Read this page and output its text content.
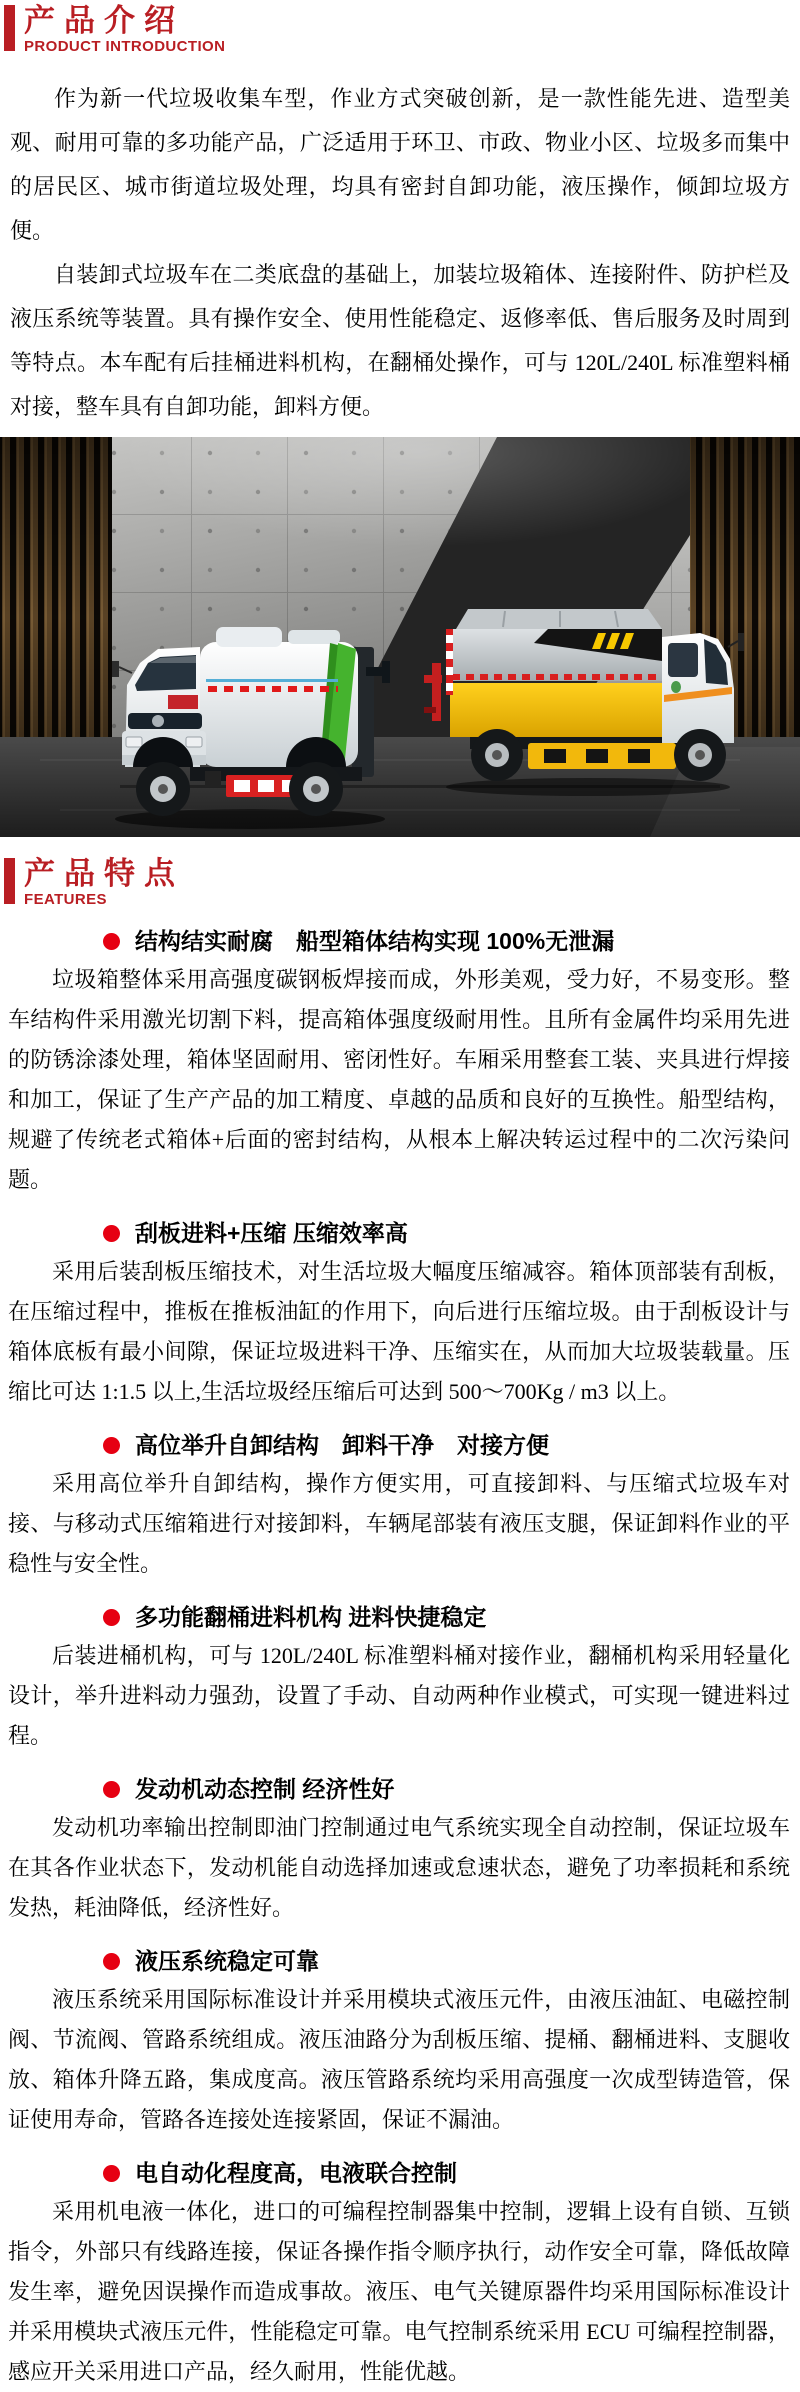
产品介绍
PRODUCT INTRODUCTION

作为新一代垃圾收集车型，作业方式突破创新，是一款性能先进、造型美观、耐用可靠的多功能产品，广泛适用于环卫、市政、物业小区、垃圾多而集中的居民区、城市街道垃圾处理，均具有密封自卸功能，液压操作，倾卸垃圾方便。

自装卸式垃圾车在二类底盘的基础上，加装垃圾箱体、连接附件、防护栏及液压系统等装置。具有操作安全、使用性能稳定、返修率低、售后服务及时周到等特点。本车配有后挂桶进料机构，在翻桶处操作，可与 120L/240L 标准塑料桶对接，整车具有自卸功能，卸料方便。

产品特点
FEATURES
结构结实耐腐　船型箱体结构实现 100%无泄漏

垃圾箱整体采用高强度碳钢板焊接而成，外形美观，受力好，不易变形。整车结构件采用激光切割下料，提高箱体强度级耐用性。且所有金属件均采用先进的防锈涂漆处理，箱体坚固耐用、密闭性好。车厢采用整套工装、夹具进行焊接和加工，保证了生产产品的加工精度、卓越的品质和良好的互换性。船型结构，规避了传统老式箱体+后面的密封结构，从根本上解决转运过程中的二次污染问题。

刮板进料+压缩 压缩效率高

采用后装刮板压缩技术，对生活垃圾大幅度压缩减容。箱体顶部装有刮板，在压缩过程中，推板在推板油缸的作用下，向后进行压缩垃圾。由于刮板设计与箱体底板有最小间隙，保证垃圾进料干净、压缩实在，从而加大垃圾装载量。压缩比可达 1:1.5 以上,生活垃圾经压缩后可达到 500～700Kg / m3 以上。

高位举升自卸结构　卸料干净　对接方便

采用高位举升自卸结构，操作方便实用，可直接卸料、与压缩式垃圾车对接、与移动式压缩箱进行对接卸料，车辆尾部装有液压支腿，保证卸料作业的平稳性与安全性。

多功能翻桶进料机构 进料快捷稳定

后装进桶机构，可与 120L/240L 标准塑料桶对接作业，翻桶机构采用轻量化设计，举升进料动力强劲，设置了手动、自动两种作业模式，可实现一键进料过程。

发动机动态控制 经济性好

发动机功率输出控制即油门控制通过电气系统实现全自动控制，保证垃圾车在其各作业状态下，发动机能自动选择加速或怠速状态，避免了功率损耗和系统发热，耗油降低，经济性好。

液压系统稳定可靠

液压系统采用国际标准设计并采用模块式液压元件，由液压油缸、电磁控制阀、节流阀、管路系统组成。液压油路分为刮板压缩、提桶、翻桶进料、支腿收放、箱体升降五路，集成度高。液压管路系统均采用高强度一次成型铸造管，保证使用寿命，管路各连接处连接紧固，保证不漏油。

电自动化程度高，电液联合控制

采用机电液一体化，进口的可编程控制器集中控制，逻辑上设有自锁、互锁指令，外部只有线路连接，保证各操作指令顺序执行，动作安全可靠，降低故障发生率，避免因误操作而造成事故。液压、电气关键原器件均采用国际标准设计并采用模块式液压元件，性能稳定可靠。电气控制系统采用 ECU 可编程控制器，感应开关采用进口产品，经久耐用，性能优越。
